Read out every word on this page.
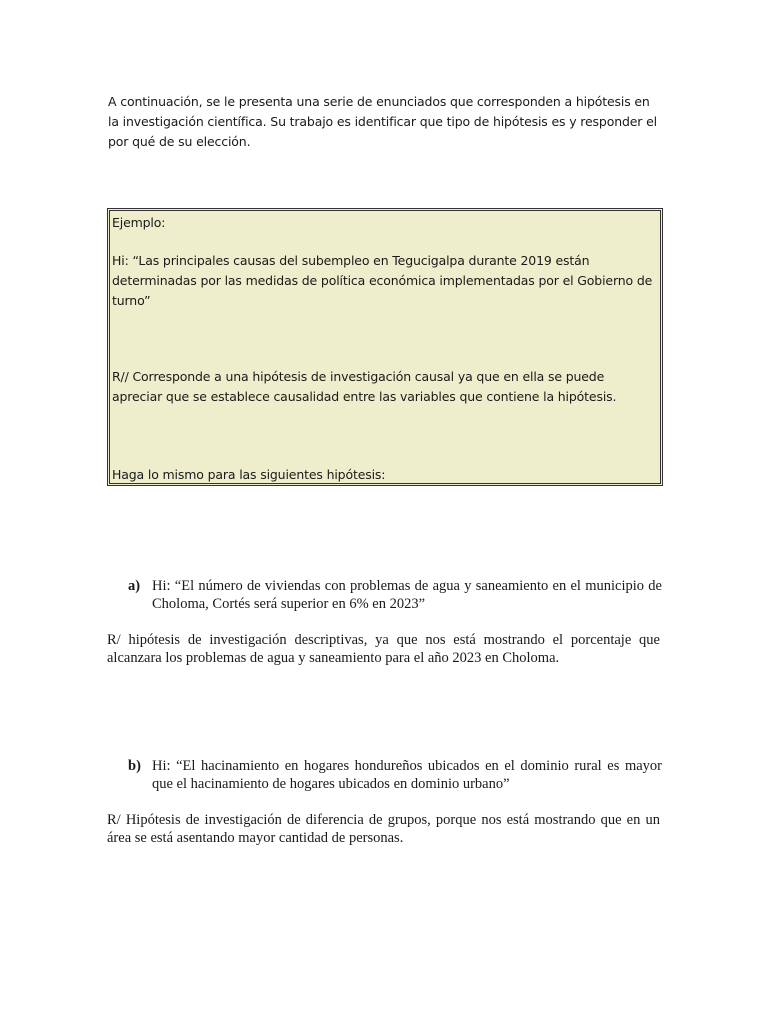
A continuación, se le presenta una serie de enunciados que corresponden a hipótesis en la investigación científica. Su trabajo es identificar que tipo de hipótesis es y responder el por qué de su elección.

Ejemplo:

Hi: “Las principales causas del subempleo en Tegucigalpa durante 2019 están determinadas por las medidas de política económica implementadas por el Gobierno de turno”

R// Corresponde a una hipótesis de investigación causal ya que en ella se puede apreciar que se establece causalidad entre las variables que contiene la hipótesis.

Haga lo mismo para las siguientes hipótesis:

a) Hi: “El número de viviendas con problemas de agua y saneamiento en el municipio de Choloma, Cortés será superior en 6% en 2023”

R/ hipótesis de investigación descriptivas, ya que nos está mostrando el porcentaje que alcanzara los problemas de agua y saneamiento para el año 2023 en Choloma.

b) Hi: “El hacinamiento en hogares hondureños ubicados en el dominio rural es mayor que el hacinamiento de hogares ubicados en dominio urbano”

R/ Hipótesis de investigación de diferencia de grupos, porque nos está mostrando que en un área se está asentando mayor cantidad de personas.
